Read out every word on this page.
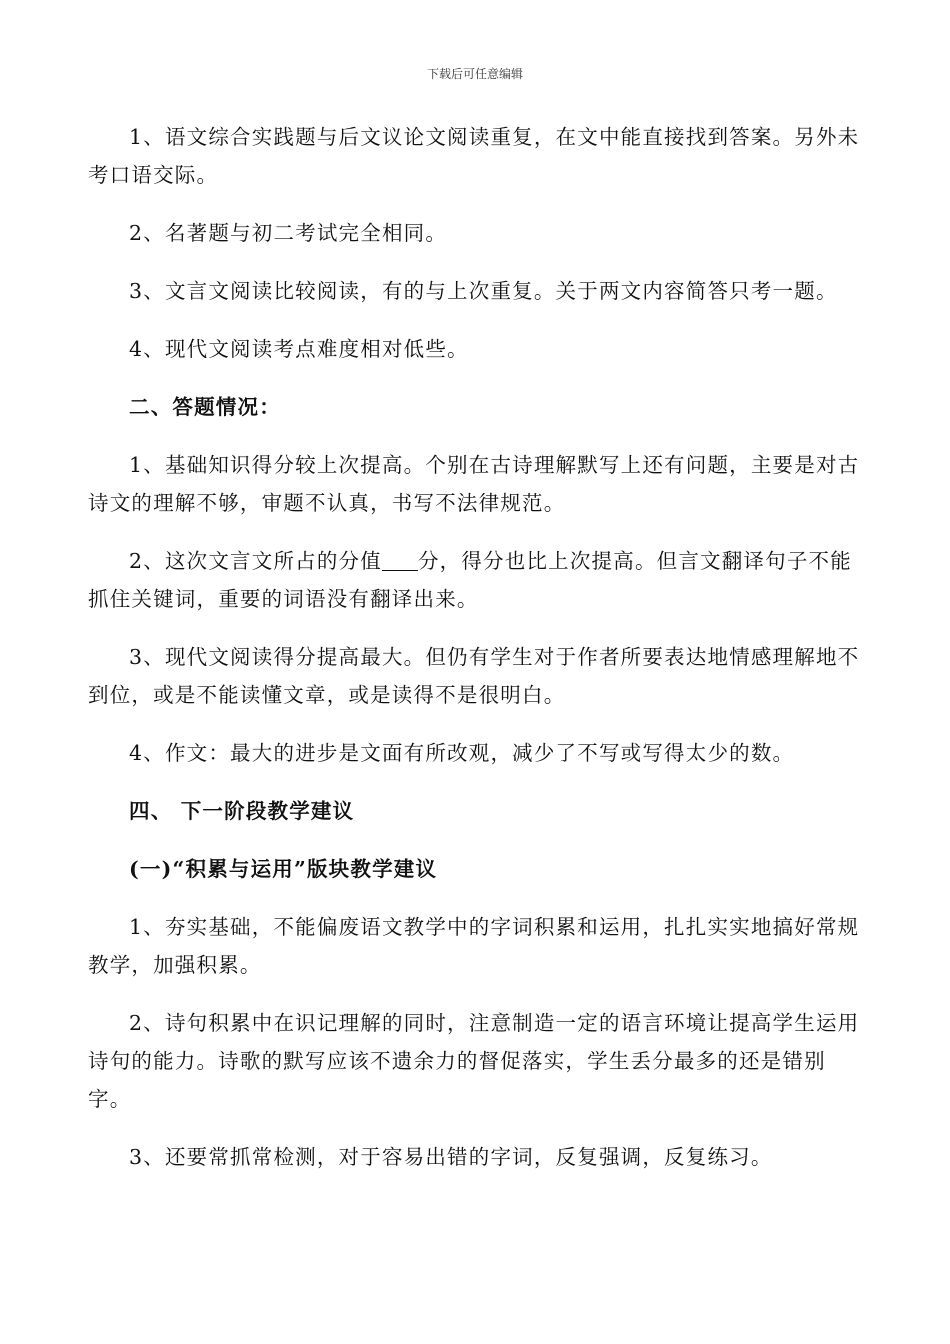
下载后可任意编辑

1、语文综合实践题与后文议论文阅读重复，在文中能直接找到答案。另外未考口语交际。

2、名著题与初二考试完全相同。

3、文言文阅读比较阅读，有的与上次重复。关于两文内容简答只考一题。

4、现代文阅读考点难度相对低些。

二、答题情况：

1、基础知识得分较上次提高。个别在古诗理解默写上还有问题，主要是对古诗文的理解不够，审题不认真，书写不法律规范。

2、这次文言文所占的分值 分，得分也比上次提高。但言文翻译句子不能抓住关键词，重要的词语没有翻译出来。

3、现代文阅读得分提高最大。但仍有学生对于作者所要表达地情感理解地不到位，或是不能读懂文章，或是读得不是很明白。

4、作文：最大的进步是文面有所改观，减少了不写或写得太少的数。

四、 下一阶段教学建议

(一)“积累与运用”版块教学建议

1、夯实基础，不能偏废语文教学中的字词积累和运用，扎扎实实地搞好常规教学，加强积累。

2、诗句积累中在识记理解的同时，注意制造一定的语言环境让提高学生运用诗句的能力。诗歌的默写应该不遗余力的督促落实，学生丢分最多的还是错别字。

3、还要常抓常检测，对于容易出错的字词，反复强调，反复练习。
